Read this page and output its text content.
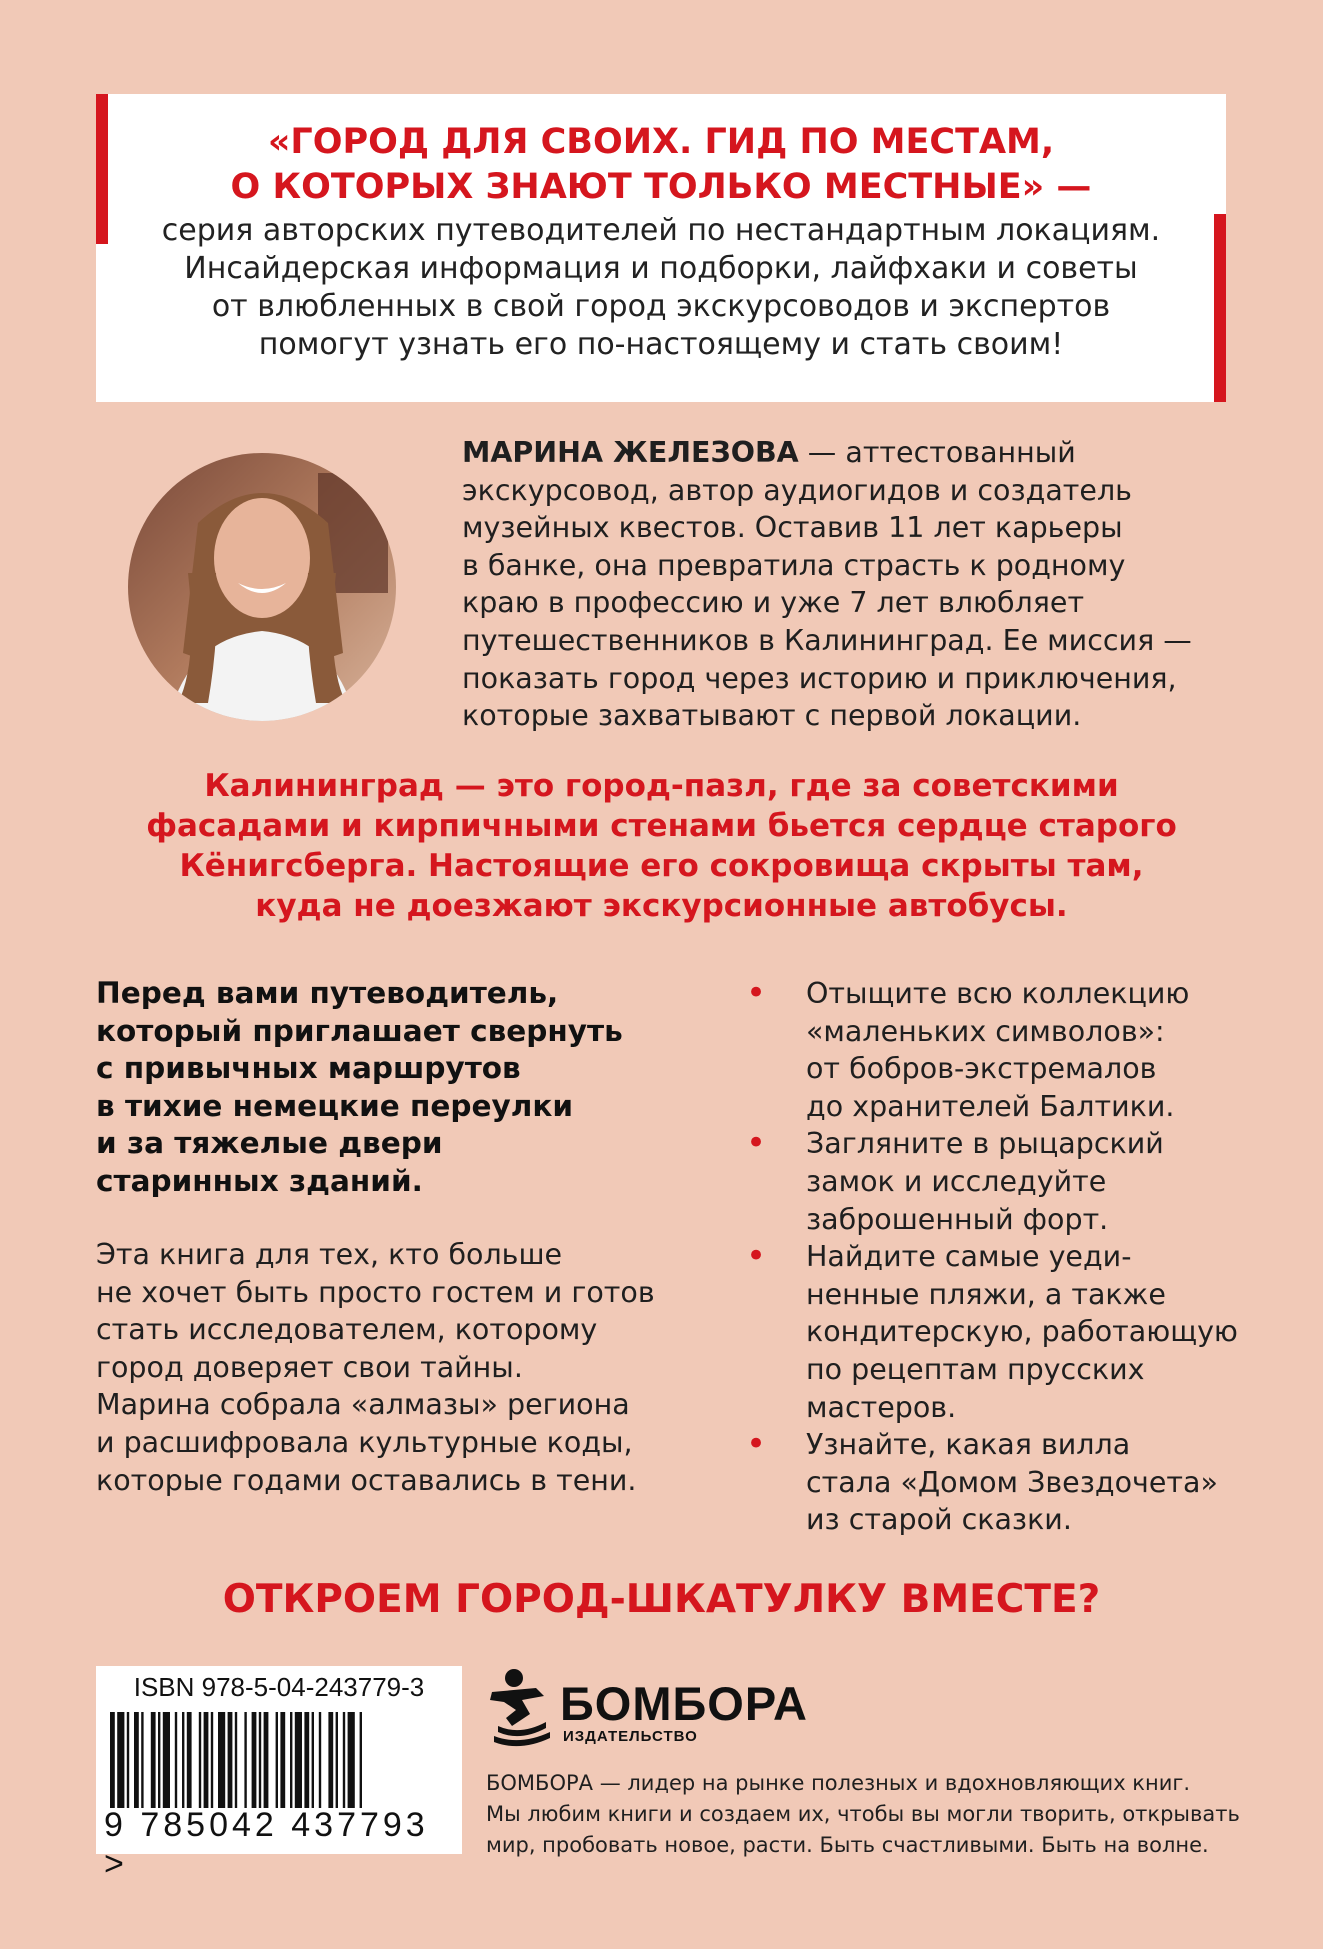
«ГОРОД ДЛЯ СВОИХ. ГИД ПО МЕСТАМ,
О КОТОРЫХ ЗНАЮТ ТОЛЬКО МЕСТНЫЕ» —
серия авторских путеводителей по нестандартным локациям.
Инсайдерская информация и подборки, лайфхаки и советы
от влюбленных в свой город экскурсоводов и экспертов
помогут узнать его по-настоящему и стать своим!
МАРИНА ЖЕЛЕЗОВА — аттестованный
экскурсовод, автор аудиогидов и создатель
музейных квестов. Оставив 11 лет карьеры
в банке, она превратила страсть к родному
краю в профессию и уже 7 лет влюбляет
путешественников в Калининград. Ее миссия —
показать город через историю и приключения,
которые захватывают с первой локации.
Калининград — это город-пазл, где за советскими
фасадами и кирпичными стенами бьется сердце старого
Кёнигсберга. Настоящие его сокровища скрыты там,
куда не доезжают экскурсионные автобусы.
Перед вами путеводитель,
который приглашает свернуть
с привычных маршрутов
в тихие немецкие переулки
и за тяжелые двери
старинных зданий.
Эта книга для тех, кто больше
не хочет быть просто гостем и готов
стать исследователем, которому
город доверяет свои тайны.
Марина собрала «алмазы» региона
и расшифровала культурные коды,
которые годами оставались в тени.
• Отыщите всю коллекцию
«маленьких символов»:
от бобров-экстремалов
до хранителей Балтики.
• Загляните в рыцарский
замок и исследуйте
заброшенный форт.
• Найдите самые уеди-
ненные пляжи, а также
кондитерскую, работающую
по рецептам прусских
мастеров.
• Узнайте, какая вилла
стала «Домом Звездочета»
из старой сказки.
ОТКРОЕМ ГОРОД-ШКАТУЛКУ ВМЕСТЕ?
ISBN 978-5-04-243779-3
9 785042 437793 >
БОМБОРА
ИЗДАТЕЛЬСТВО
БОМБОРА — лидер на рынке полезных и вдохновляющих книг.
Мы любим книги и создаем их, чтобы вы могли творить, открывать
мир, пробовать новое, расти. Быть счастливыми. Быть на волне.
